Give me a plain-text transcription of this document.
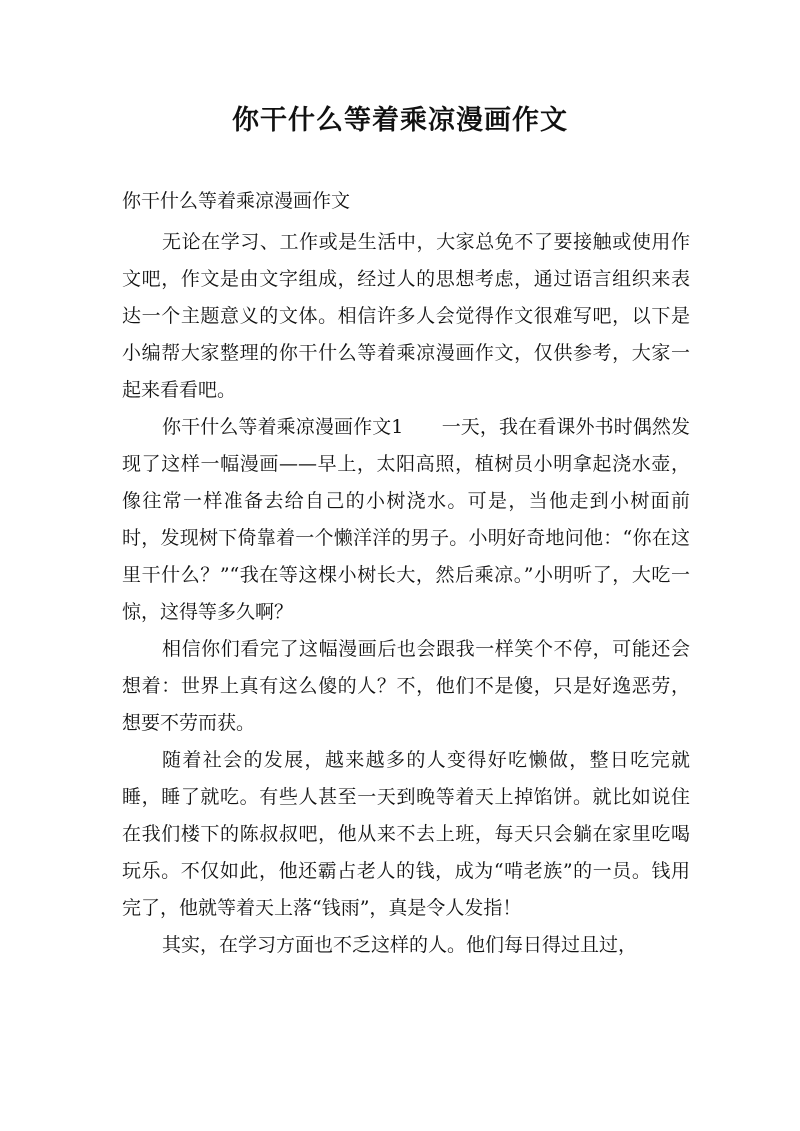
你干什么等着乘凉漫画作文
你干什么等着乘凉漫画作文

无论在学习、工作或是生活中，大家总免不了要接触或使用作文吧，作文是由文字组成，经过人的思想考虑，通过语言组织来表达一个主题意义的文体。相信许多人会觉得作文很难写吧，以下是小编帮大家整理的你干什么等着乘凉漫画作文，仅供参考，大家一起来看看吧。

你干什么等着乘凉漫画作文1　　一天，我在看课外书时偶然发现了这样一幅漫画——早上，太阳高照，植树员小明拿起浇水壶，像往常一样准备去给自己的小树浇水。可是，当他走到小树面前时，发现树下倚靠着一个懒洋洋的男子。小明好奇地问他：“你在这里干什么？”“我在等这棵小树长大，然后乘凉。”小明听了，大吃一惊，这得等多久啊？

相信你们看完了这幅漫画后也会跟我一样笑个不停，可能还会想着：世界上真有这么傻的人？不，他们不是傻，只是好逸恶劳，想要不劳而获。

随着社会的发展，越来越多的人变得好吃懒做，整日吃完就睡，睡了就吃。有些人甚至一天到晚等着天上掉馅饼。就比如说住在我们楼下的陈叔叔吧，他从来不去上班，每天只会躺在家里吃喝玩乐。不仅如此，他还霸占老人的钱，成为“啃老族”的一员。钱用完了，他就等着天上落“钱雨”，真是令人发指！

其实，在学习方面也不乏这样的人。他们每日得过且过，
